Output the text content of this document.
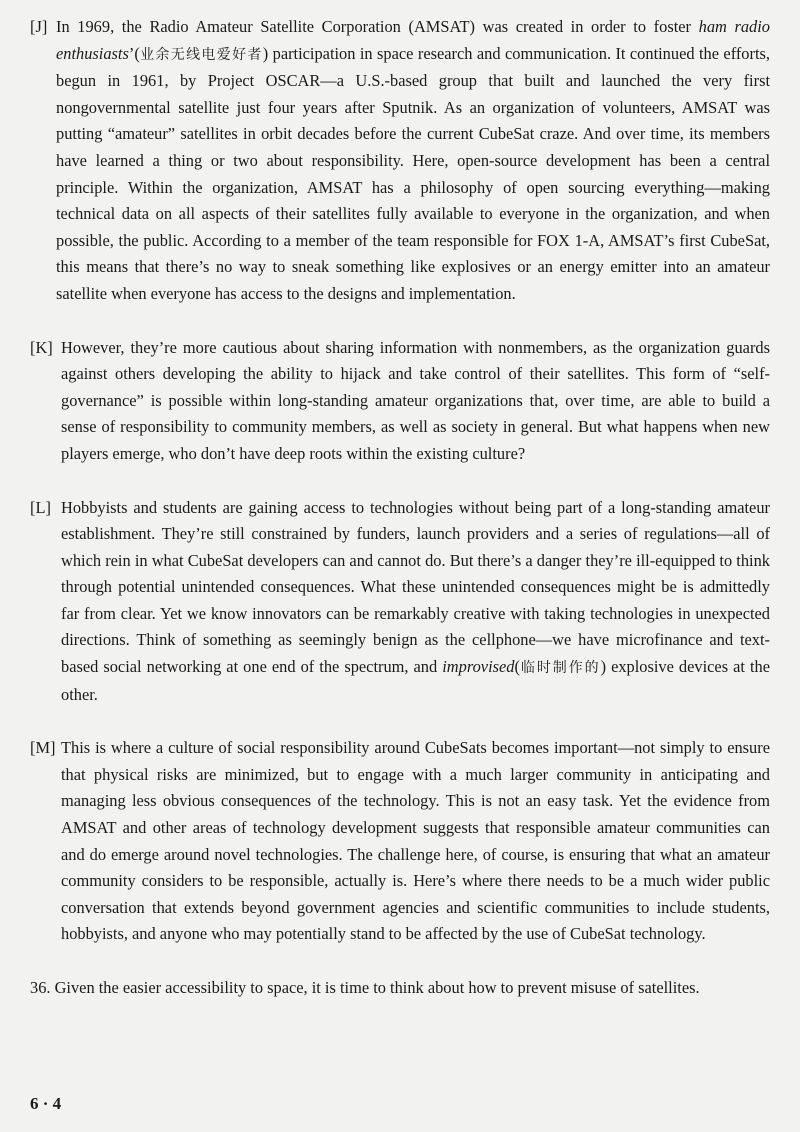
[J] In 1969, the Radio Amateur Satellite Corporation (AMSAT) was created in order to foster ham radio enthusiasts’(业余无线电爱好者) participation in space research and communication. It continued the efforts, begun in 1961, by Project OSCAR—a U.S.-based group that built and launched the very first nongovernmental satellite just four years after Sputnik. As an organization of volunteers, AMSAT was putting “amateur” satellites in orbit decades before the current CubeSat craze. And over time, its members have learned a thing or two about responsibility. Here, open-source development has been a central principle. Within the organization, AMSAT has a philosophy of open sourcing everything—making technical data on all aspects of their satellites fully available to everyone in the organization, and when possible, the public. According to a member of the team responsible for FOX 1-A, AMSAT’s first CubeSat, this means that there’s no way to sneak something like explosives or an energy emitter into an amateur satellite when everyone has access to the designs and implementation.

[K] However, they’re more cautious about sharing information with nonmembers, as the organization guards against others developing the ability to hijack and take control of their satellites. This form of “self-governance” is possible within long-standing amateur organizations that, over time, are able to build a sense of responsibility to community members, as well as society in general. But what happens when new players emerge, who don’t have deep roots within the existing culture?

[L] Hobbyists and students are gaining access to technologies without being part of a long-standing amateur establishment. They’re still constrained by funders, launch providers and a series of regulations—all of which rein in what CubeSat developers can and cannot do. But there’s a danger they’re ill-equipped to think through potential unintended consequences. What these unintended consequences might be is admittedly far from clear. Yet we know innovators can be remarkably creative with taking technologies in unexpected directions. Think of something as seemingly benign as the cellphone—we have microfinance and text-based social networking at one end of the spectrum, and improvised(临时制作的) explosive devices at the other.

[M] This is where a culture of social responsibility around CubeSats becomes important—not simply to ensure that physical risks are minimized, but to engage with a much larger community in anticipating and managing less obvious consequences of the technology. This is not an easy task. Yet the evidence from AMSAT and other areas of technology development suggests that responsible amateur communities can and do emerge around novel technologies. The challenge here, of course, is ensuring that what an amateur community considers to be responsible, actually is. Here’s where there needs to be a much wider public conversation that extends beyond government agencies and scientific communities to include students, hobbyists, and anyone who may potentially stand to be affected by the use of CubeSat technology.

36. Given the easier accessibility to space, it is time to think about how to prevent misuse of satellites.

6 · 4
